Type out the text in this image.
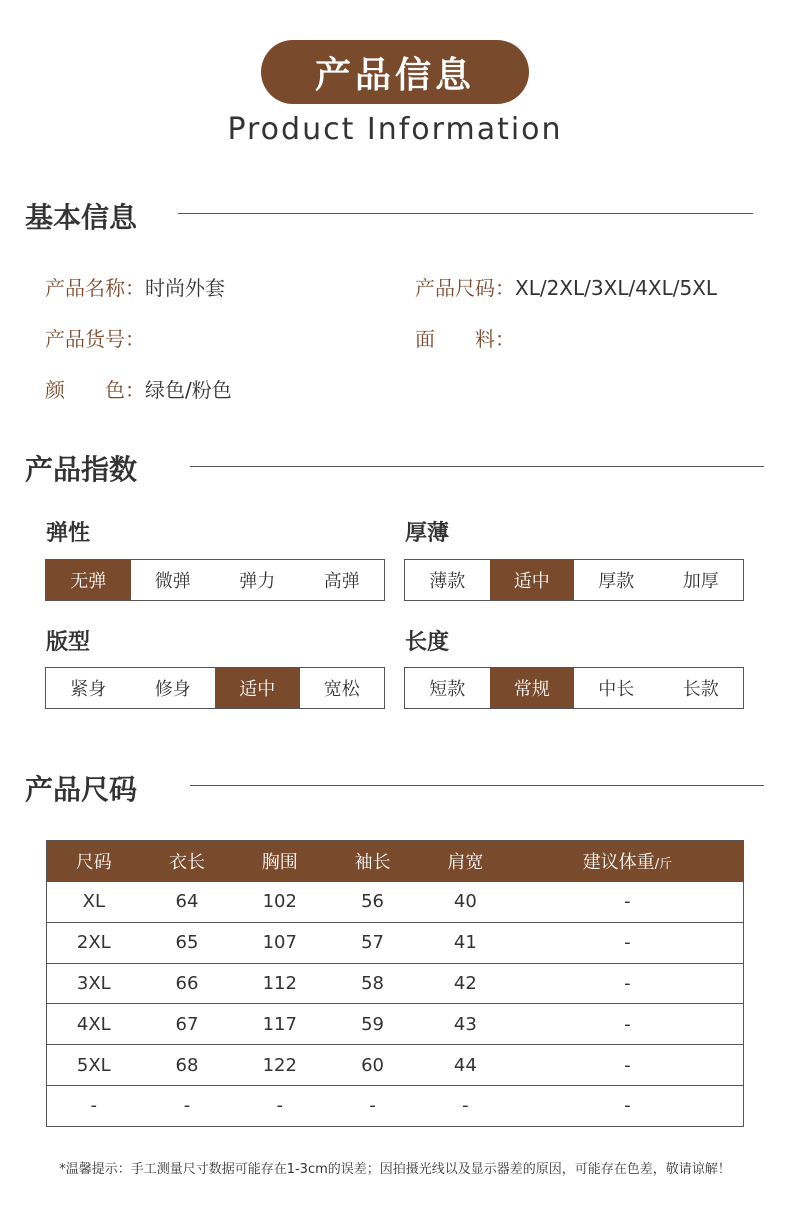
产品信息
Product Information
基本信息
产品名称：时尚外套	产品尺码：XL/2XL/3XL/4XL/5XL
产品货号：	面　　料：
颜　　色：绿色/粉色
产品指数
弹性
无弹	微弹	弹力	高弹
厚薄
薄款	适中	厚款	加厚
版型
紧身	修身	适中	宽松
长度
短款	常规	中长	长款
产品尺码
尺码	衣长	胸围	袖长	肩宽	建议体重/斤
XL	64	102	56	40	-
2XL	65	107	57	41	-
3XL	66	112	58	42	-
4XL	67	117	59	43	-
5XL	68	122	60	44	-
-	-	-	-	-	-
*温馨提示：手工测量尺寸数据可能存在1-3cm的误差；因拍摄光线以及显示器差的原因，可能存在色差，敬请谅解！
